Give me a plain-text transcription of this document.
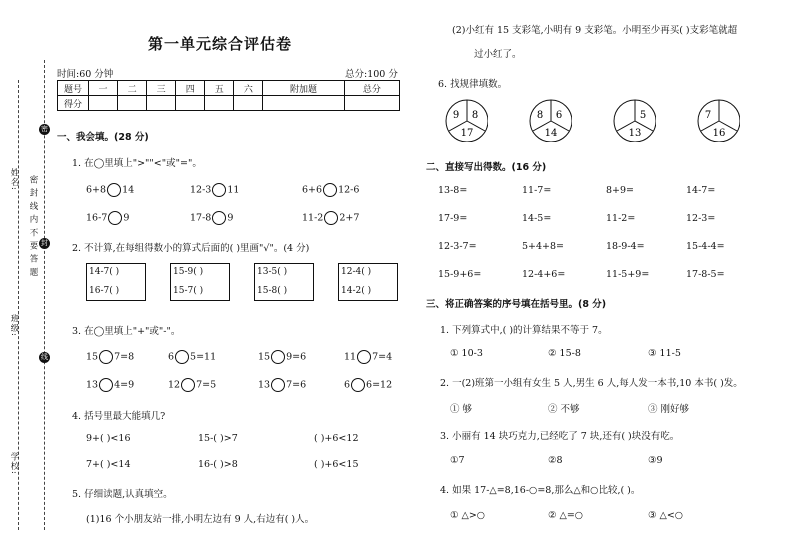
姓名:
班级:
学校:
密 封 线 内 不 要 答 题
密
封
线
第一单元综合评估卷
时间:60 分钟	总分:100 分
题号	一	二	三	四	五	六	附加题	总分
得分								
一、我会填。(28 分)
1. 在◯里填上">""<"或"="。
2. 不计算,在每组得数小的算式后面的( )里画"√"。(4 分)
14-7( )
16-7( )
15-9( )
15-7( )
13-5( )
15-8( )
12-4( )
14-2( )
3. 在◯里填上"+"或"-"。
4. 括号里最大能填几?
5. 仔细读题,认真填空。
(1)16 个小朋友站一排,小明左边有 9 人,右边有( )人。
(2)小红有 15 支彩笔,小明有 9 支彩笔。小明至少再买( )支彩笔就超
过小红了。
6. 找规律填数。
二、直接写出得数。(16 分)
三、将正确答案的序号填在括号里。(8 分)
1. 下列算式中,( )的计算结果不等于 7。
① 10-3	② 15-8	③ 11-5
2. 一(2)班第一小组有女生 5 人,男生 6 人,每人发一本书,10 本书( )发。
① 够	② 不够	③ 刚好够
3. 小丽有 14 块巧克力,已经吃了 7 块,还有( )块没有吃。
①7	②8	③9
4. 如果 17-△=8,16-○=8,那么△和○比较,( )。
① △>○	② △=○	③ △<○
6+8 14	12-3 11	6+6 12-6
16-7 9	17-8 9	11-2 2+7
15 7=8	6 5=11	15 9=6	11 7=4
13 4=9	12 7=5	13 7=6	6 6=12
9+( )<16	15-( )>7	( )+6<12
7+( )<14	16-( )>8	( )+6<15
13-8=	11-7=	8+9=	14-7=
17-9=	14-5=	11-2=	12-3=
12-3-7=	5+4+8=	18-9-4=	15-4-4=
15-9+6=	12-4+6=	11-5+9=	17-8-5=
9 8
17
8 6
14
5
13
7
16
